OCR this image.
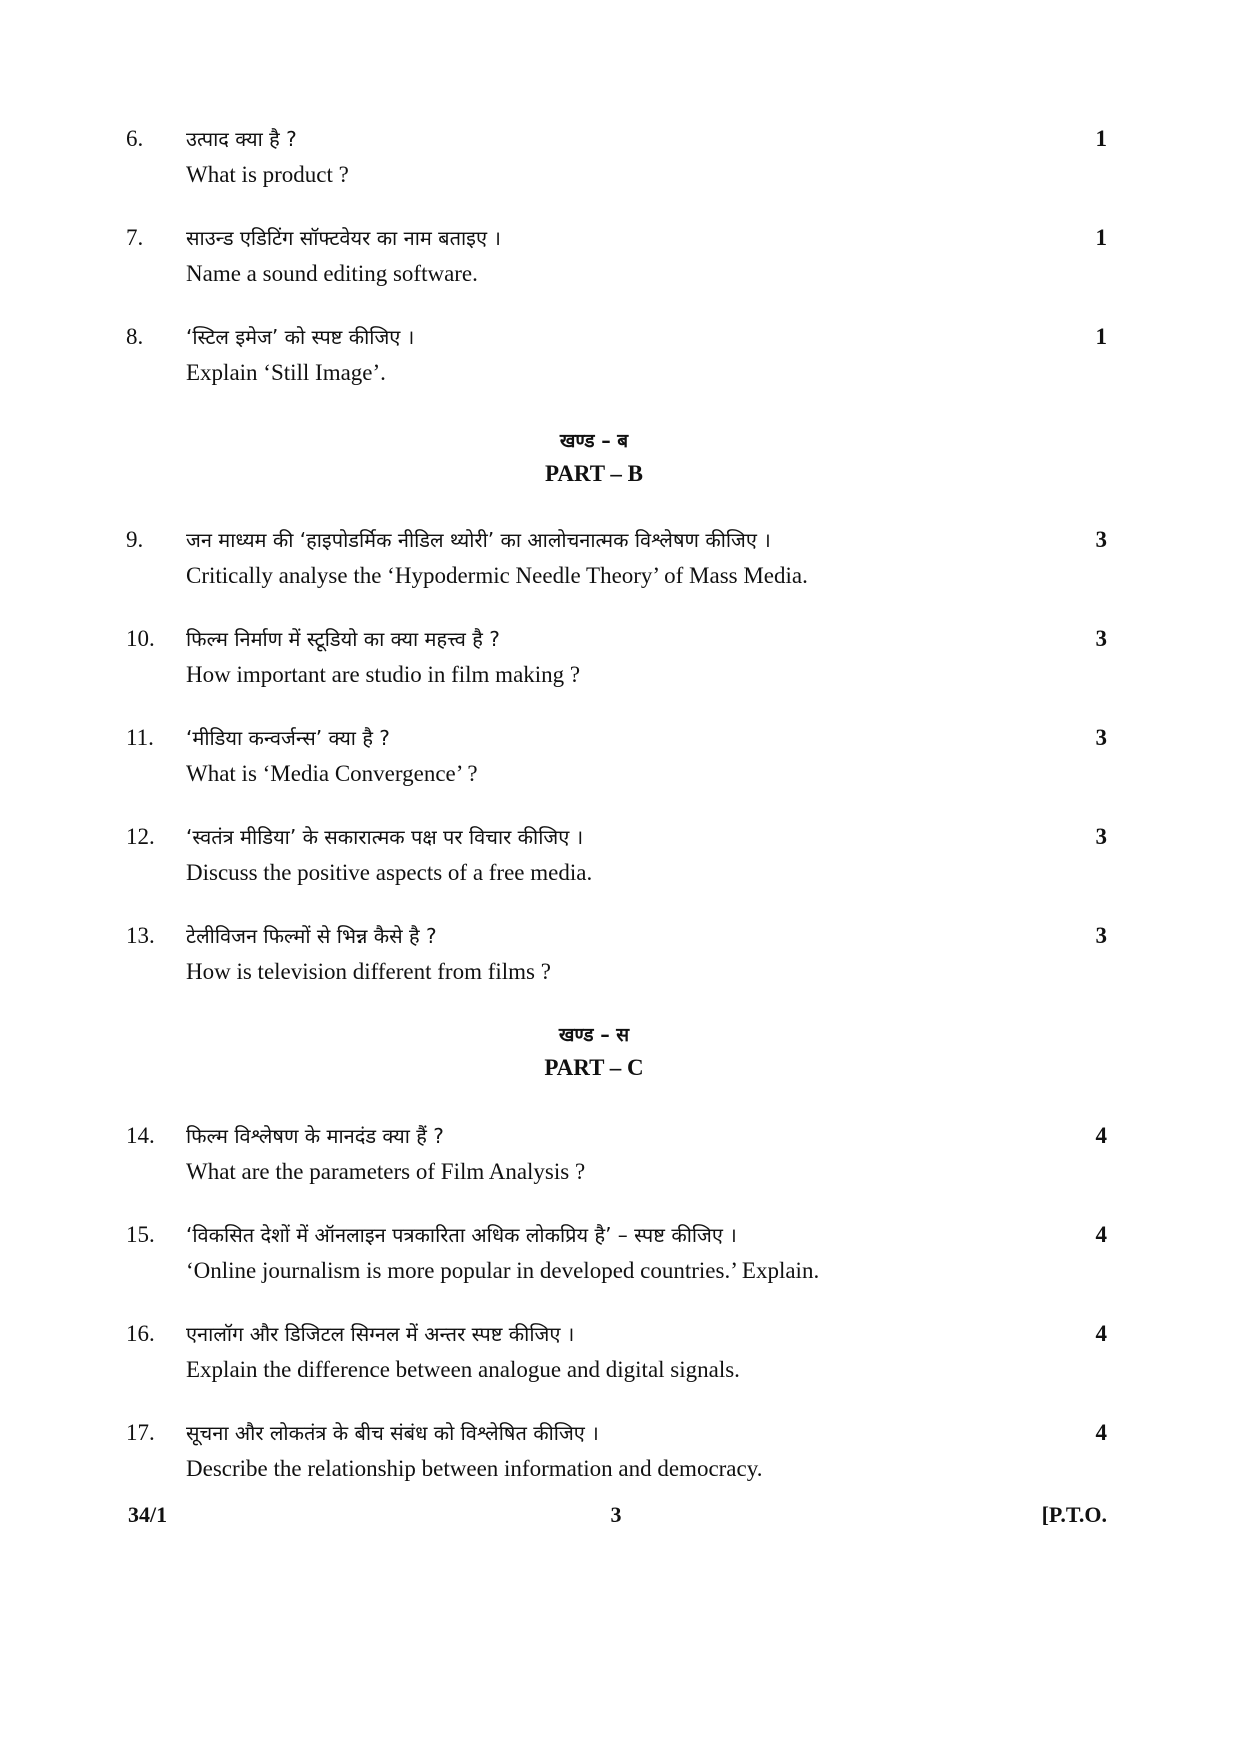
6. उत्पाद क्या है ?
What is product ?
1
7. साउन्ड एडिटिंग सॉफ्टवेयर का नाम बताइए ।
Name a sound editing software.
1
8. ‘स्टिल इमेज’ को स्पष्ट कीजिए ।
Explain ‘Still Image’.
1
खण्ड – ब
PART – B
9. जन माध्यम की ‘हाइपोडर्मिक नीडिल थ्योरी’ का आलोचनात्मक विश्लेषण कीजिए ।
Critically analyse the ‘Hypodermic Needle Theory’ of Mass Media.
3
10. फिल्म निर्माण में स्टूडियो का क्या महत्त्व है ?
How important are studio in film making ?
3
11. ‘मीडिया कन्वर्जन्स’ क्या है ?
What is ‘Media Convergence’ ?
3
12. ‘स्वतंत्र मीडिया’ के सकारात्मक पक्ष पर विचार कीजिए ।
Discuss the positive aspects of a free media.
3
13. टेलीविजन फिल्मों से भिन्न कैसे है ?
How is television different from films ?
3
खण्ड – स
PART – C
14. फिल्म विश्लेषण के मानदंड क्या हैं ?
What are the parameters of Film Analysis ?
4
15. ‘विकसित देशों में ऑनलाइन पत्रकारिता अधिक लोकप्रिय है’ – स्पष्ट कीजिए ।
‘Online journalism is more popular in developed countries.’ Explain.
4
16. एनालॉग और डिजिटल सिग्नल में अन्तर स्पष्ट कीजिए ।
Explain the difference between analogue and digital signals.
4
17. सूचना और लोकतंत्र के बीच संबंध को विश्लेषित कीजिए ।
Describe the relationship between information and democracy.
4
34/1	3	[P.T.O.
